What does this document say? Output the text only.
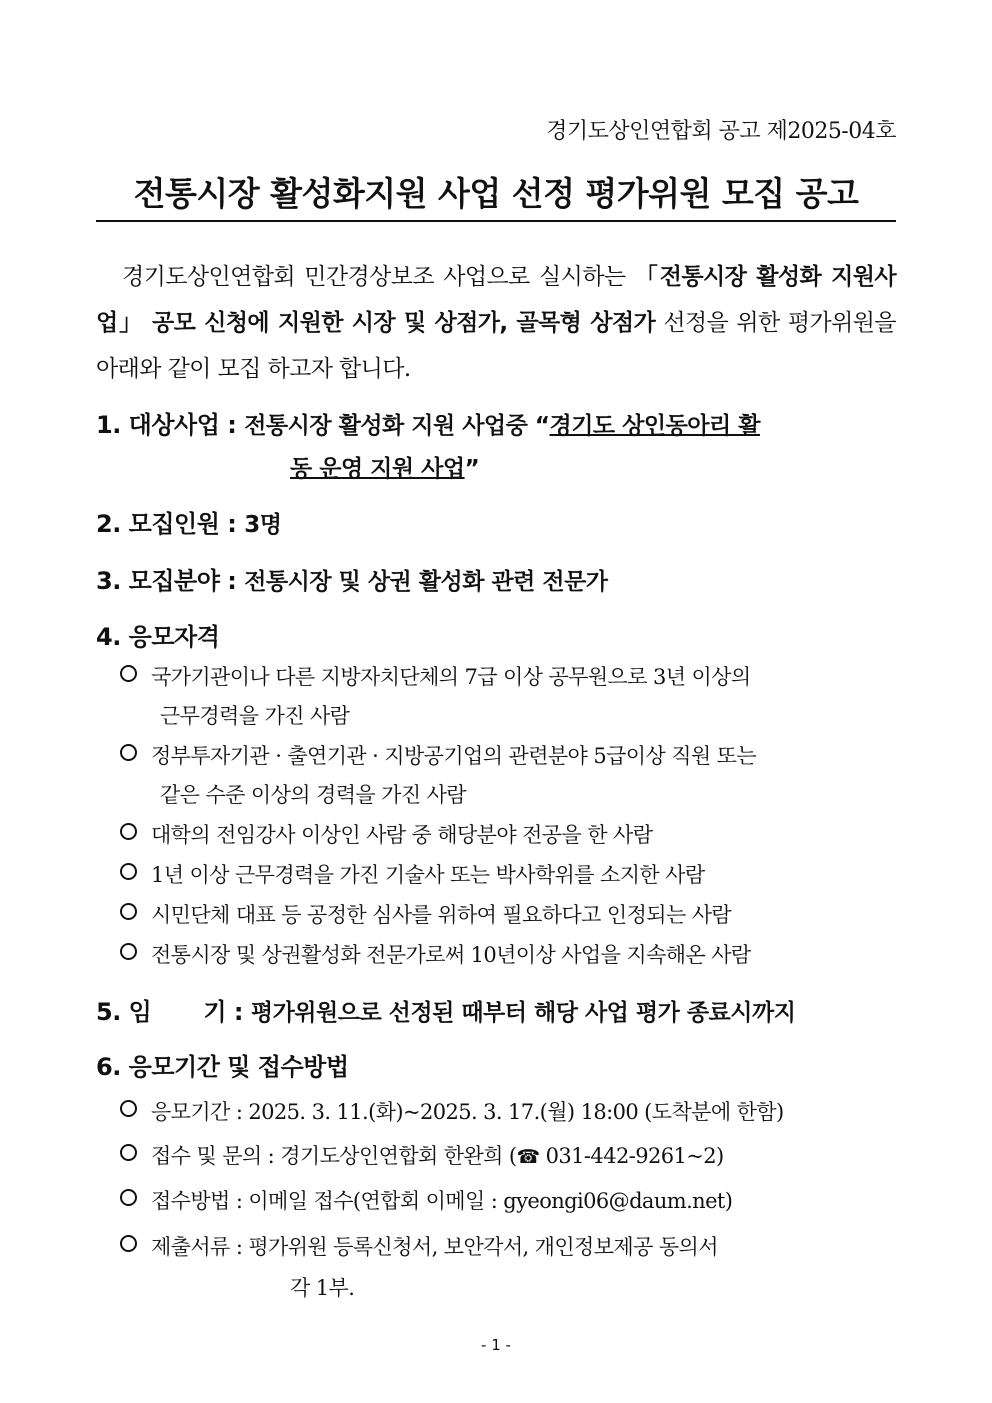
경기도상인연합회 공고 제2025-04호
전통시장 활성화지원 사업 선정 평가위원 모집 공고
경기도상인연합회 민간경상보조 사업으로 실시하는 「전통시장 활성화 지원사업」 공모 신청에 지원한 시장 및 상점가, 골목형 상점가 선정을 위한 평가위원을 아래와 같이 모집 하고자 합니다.
1. 대상사업 : 전통시장 활성화 지원 사업중 “경기도 상인동아리 활
동 운영 지원 사업”
2. 모집인원 : 3명
3. 모집분야 : 전통시장 및 상권 활성화 관련 전문가
4. 응모자격
국가기관이나 다른 지방자치단체의 7급 이상 공무원으로 3년 이상의
근무경력을 가진 사람
정부투자기관 · 출연기관 · 지방공기업의 관련분야 5급이상 직원 또는
같은 수준 이상의 경력을 가진 사람
대학의 전임강사 이상인 사람 중 해당분야 전공을 한 사람
1년 이상 근무경력을 가진 기술사 또는 박사학위를 소지한 사람
시민단체 대표 등 공정한 심사를 위하여 필요하다고 인정되는 사람
전통시장 및 상권활성화 전문가로써 10년이상 사업을 지속해온 사람
5. 임 기 : 평가위원으로 선정된 때부터 해당 사업 평가 종료시까지
6. 응모기간 및 접수방법
응모기간 : 2025. 3. 11.(화)~2025. 3. 17.(월) 18:00 (도착분에 한함)
접수 및 문의 : 경기도상인연합회 한완희 (☎ 031-442-9261~2)
접수방법 : 이메일 접수(연합회 이메일 : gyeongi06@daum.net)
제출서류 : 평가위원 등록신청서, 보안각서, 개인정보제공 동의서
각 1부.
- 1 -
